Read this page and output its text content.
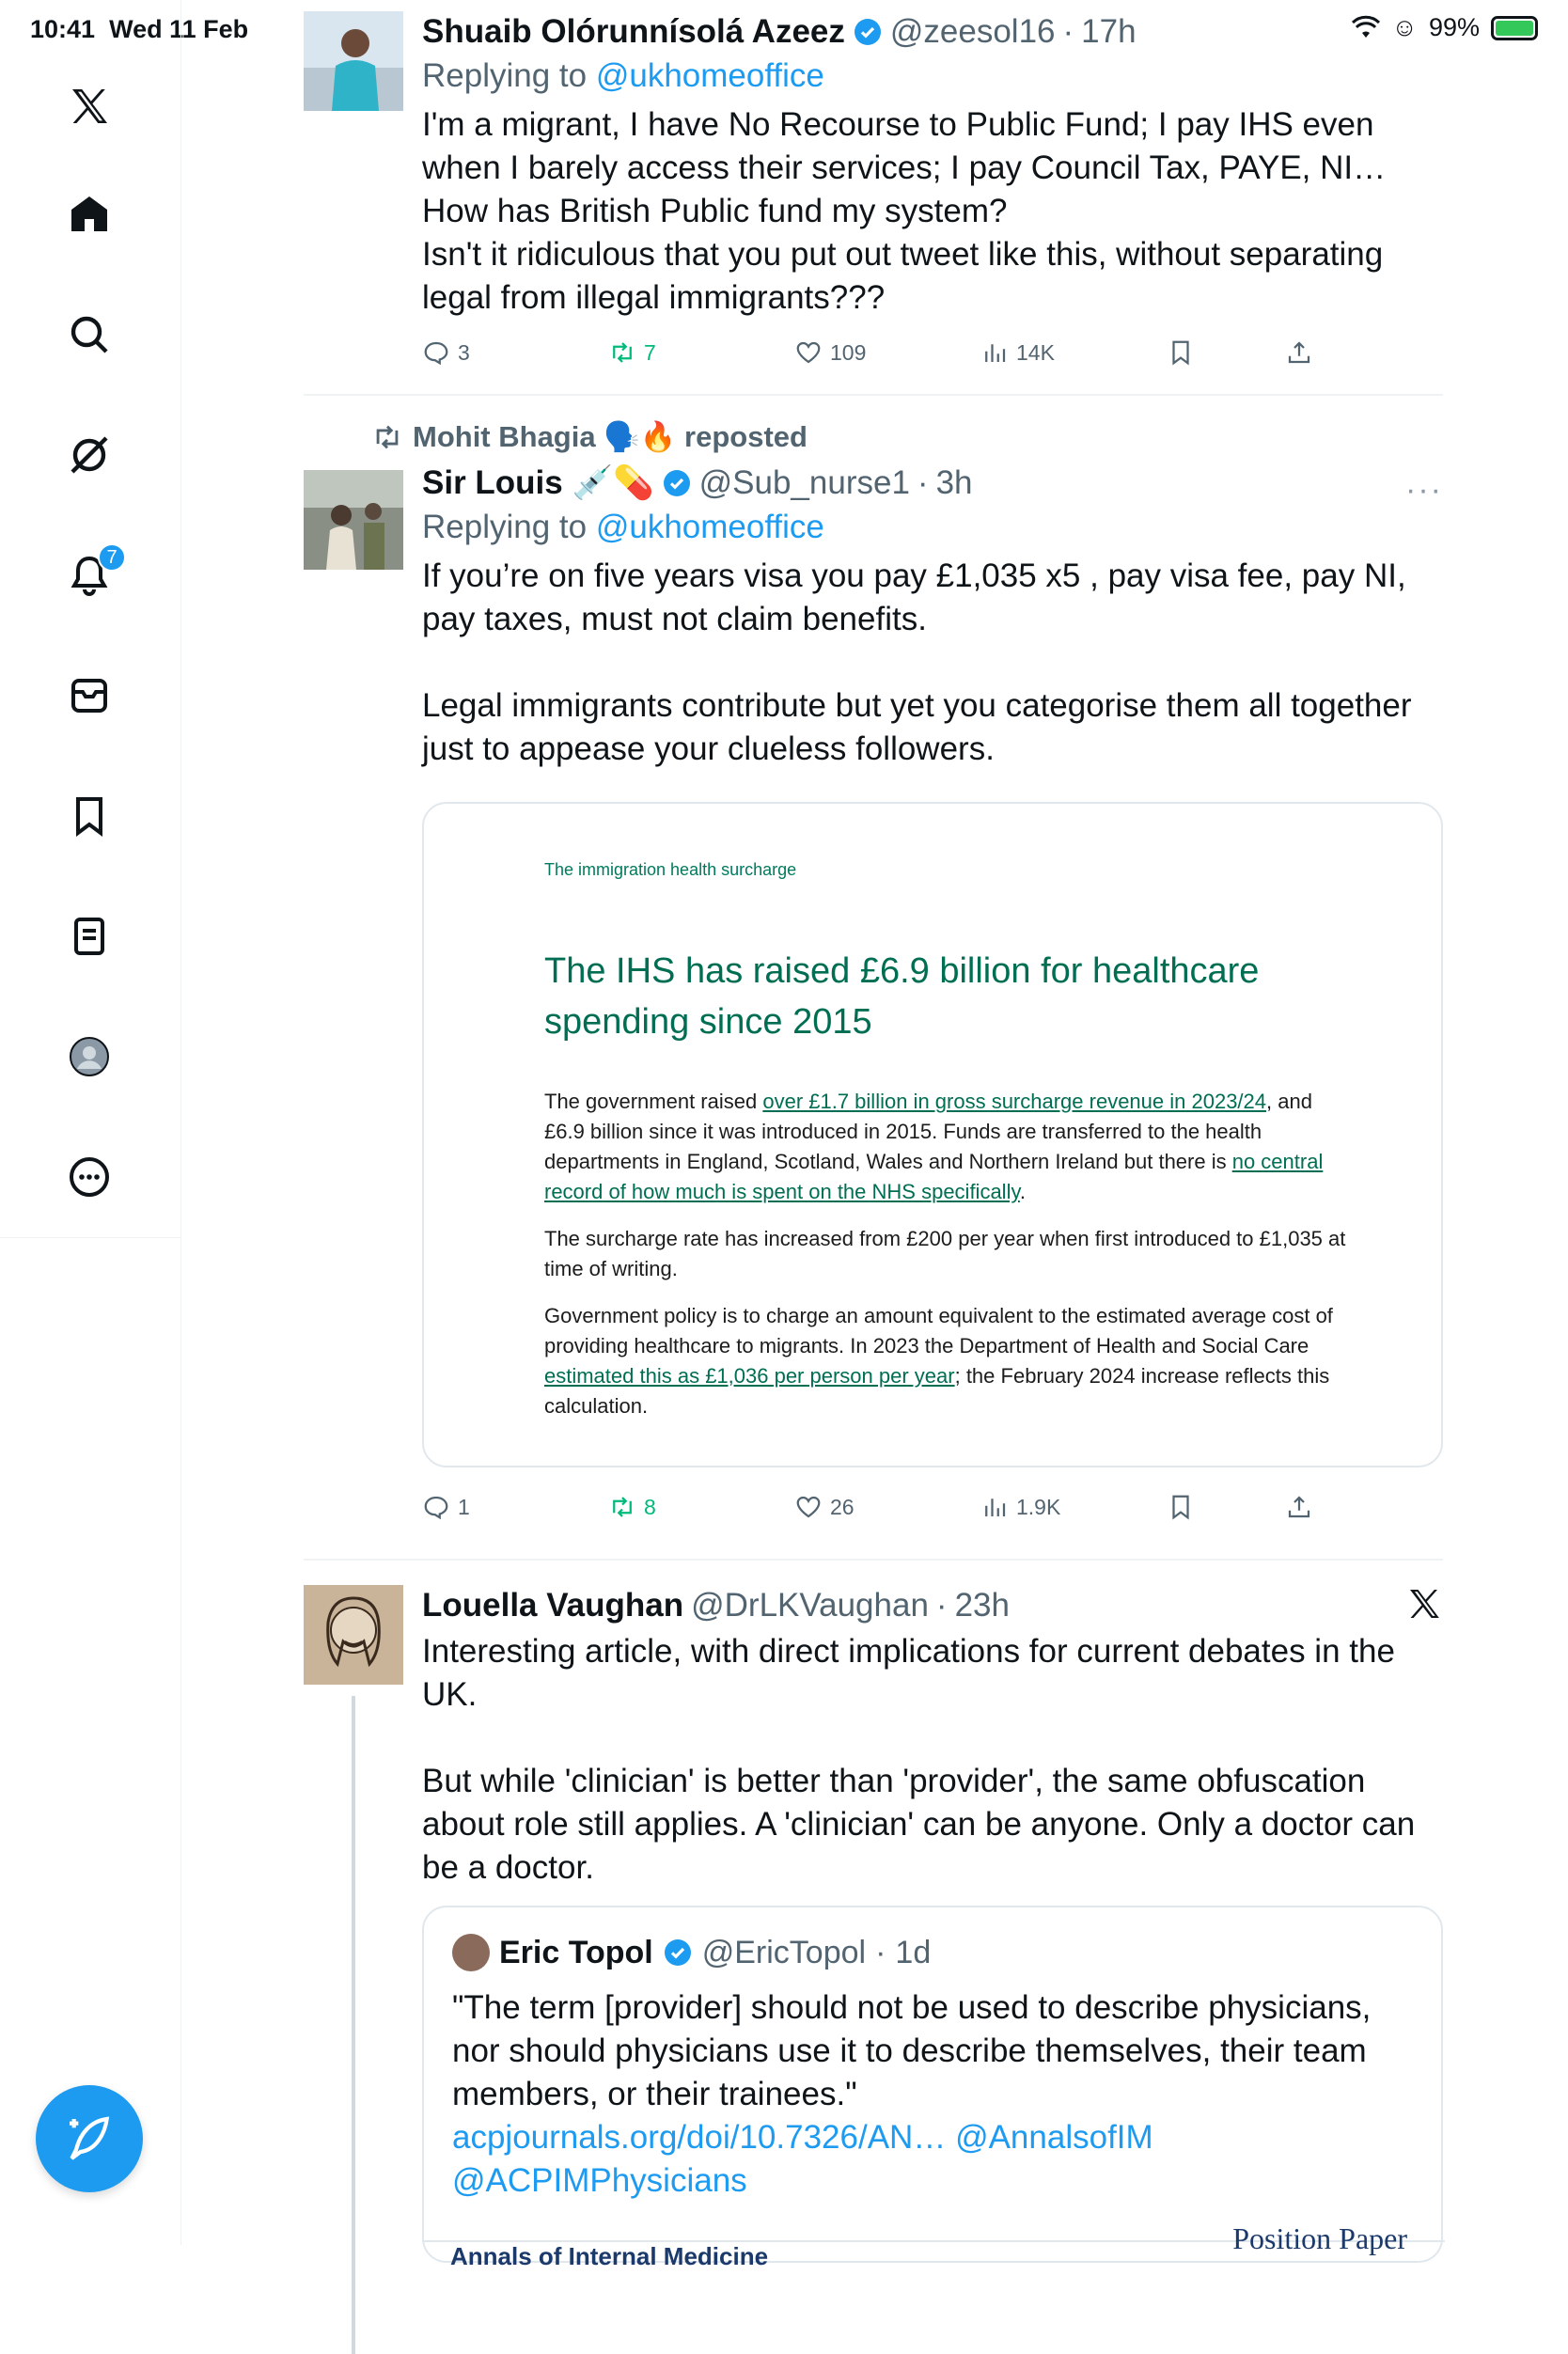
10:41 Wed 11 Feb	☺ 99%
7
Shuaib Olórunnísolá Azeez @zeesol16 · 17h
Replying to @ukhomeoffice
I'm a migrant, I have No Recourse to Public Fund; I pay IHS even when I barely access their services; I pay Council Tax, PAYE, NI… How has British Public fund my system?
Isn't it ridiculous that you put out tweet like this, without separating legal from illegal immigrants???
3	7	109	14K
Mohit Bhagia 🗣️🔥 reposted
Sir Louis 💉💊 @Sub_nurse1 · 3h
Replying to @ukhomeoffice
If you’re on five years visa you pay £1,035 x5 , pay visa fee, pay NI, pay taxes, must not claim benefits.

Legal immigrants contribute but yet you categorise them all together just to appease your clueless followers.
···
The immigration health surcharge
The IHS has raised £6.9 billion for healthcare spending since 2015
The government raised over £1.7 billion in gross surcharge revenue in 2023/24, and £6.9 billion since it was introduced in 2015. Funds are transferred to the health departments in England, Scotland, Wales and Northern Ireland but there is no central record of how much is spent on the NHS specifically.
The surcharge rate has increased from £200 per year when first introduced to £1,035 at time of writing.
Government policy is to charge an amount equivalent to the estimated average cost of providing healthcare to migrants. In 2023 the Department of Health and Social Care estimated this as £1,036 per person per year; the February 2024 increase reflects this calculation.
1	8	26	1.9K
Louella Vaughan @DrLKVaughan · 23h
Interesting article, with direct implications for current debates in the UK.

But while 'clinician' is better than 'provider', the same obfuscation about role still applies. A 'clinician' can be anyone. Only a doctor can be a doctor.
Eric Topol @EricTopol · 1d
"The term [provider] should not be used to describe physicians, nor should physicians use it to describe themselves, their team members, or their trainees."
acpjournals.org/doi/10.7326/AN… @AnnalsofIM
@ACPIMPhysicians
Annals of Internal Medicine
Position Paper
